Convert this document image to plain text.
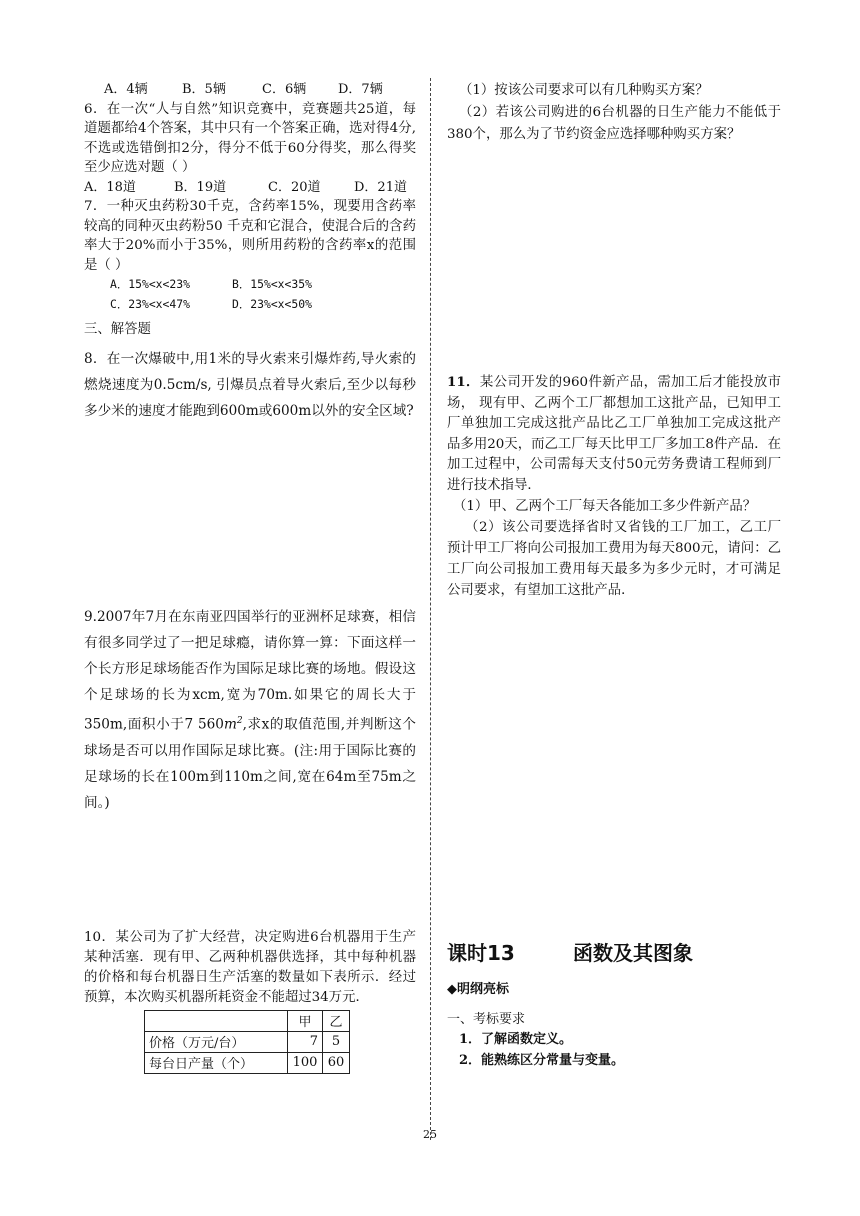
A．4辆	B．5辆	C．6辆	D．7辆

6．在一次“人与自然”知识竞赛中，竞赛题共25道，每道题都给4个答案，其中只有一个答案正确，选对得4分,不选或选错倒扣2分，得分不低于60分得奖，那么得奖至少应选对题（ ）

A．18道	B．19道	C．20道	D．21道

7．一种灭虫药粉30千克，含药率15%，现要用含药率较高的同种灭虫药粉50 千克和它混合，使混合后的含药率大于20%而小于35%，则所用药粉的含药率x的范围是（ ）

A．15%<x<23%	B．15%<x<35%
C．23%<x<47%	D．23%<x<50%

三、解答题

8．在一次爆破中,用1米的导火索来引爆炸药,导火索的燃烧速度为0.5cm/s, 引爆员点着导火索后,至少以每秒多少米的速度才能跑到600m或600m以外的安全区域?

9.2007年7月在东南亚四国举行的亚洲杯足球赛，相信有很多同学过了一把足球瘾，请你算一算：下面这样一个长方形足球场能否作为国际足球比赛的场地。假设这个足球场的长为xcm,宽为70m.如果它的周长大于350m,面积小于7 $560m^2$,求x的取值范围,并判断这个球场是否可以用作国际足球比赛。(注:用于国际比赛的足球场的长在100m到110m之间,宽在64m至75m之间。)

10．某公司为了扩大经营，决定购进6台机器用于生产某种活塞．现有甲、乙两种机器供选择，其中每种机器的价格和每台机器日生产活塞的数量如下表所示．经过预算，本次购买机器所耗资金不能超过34万元．

	甲	乙
价格（万元/台）	7	5
每台日产量（个）	100	60

（1）按该公司要求可以有几种购买方案？

（2）若该公司购进的6台机器的日生产能力不能低于380个，那么为了节约资金应选择哪种购买方案？

11．某公司开发的960件新产品，需加工后才能投放市场， 现有甲、乙两个工厂都想加工这批产品，已知甲工厂单独加工完成这批产品比乙工厂单独加工完成这批产品多用20天，而乙工厂每天比甲工厂多加工8件产品．在加工过程中，公司需每天支付50元劳务费请工程师到厂进行技术指导．

（1）甲、乙两个工厂每天各能加工多少件新产品？

（2）该公司要选择省时又省钱的工厂加工，乙工厂预计甲工厂将向公司报加工费用为每天800元，请问：乙工厂向公司报加工费用每天最多为多少元时，才可满足公司要求，有望加工这批产品．

课时13	函数及其图象

◆明纲亮标

一、考标要求

1．了解函数定义。

2．能熟练区分常量与变量。

25
